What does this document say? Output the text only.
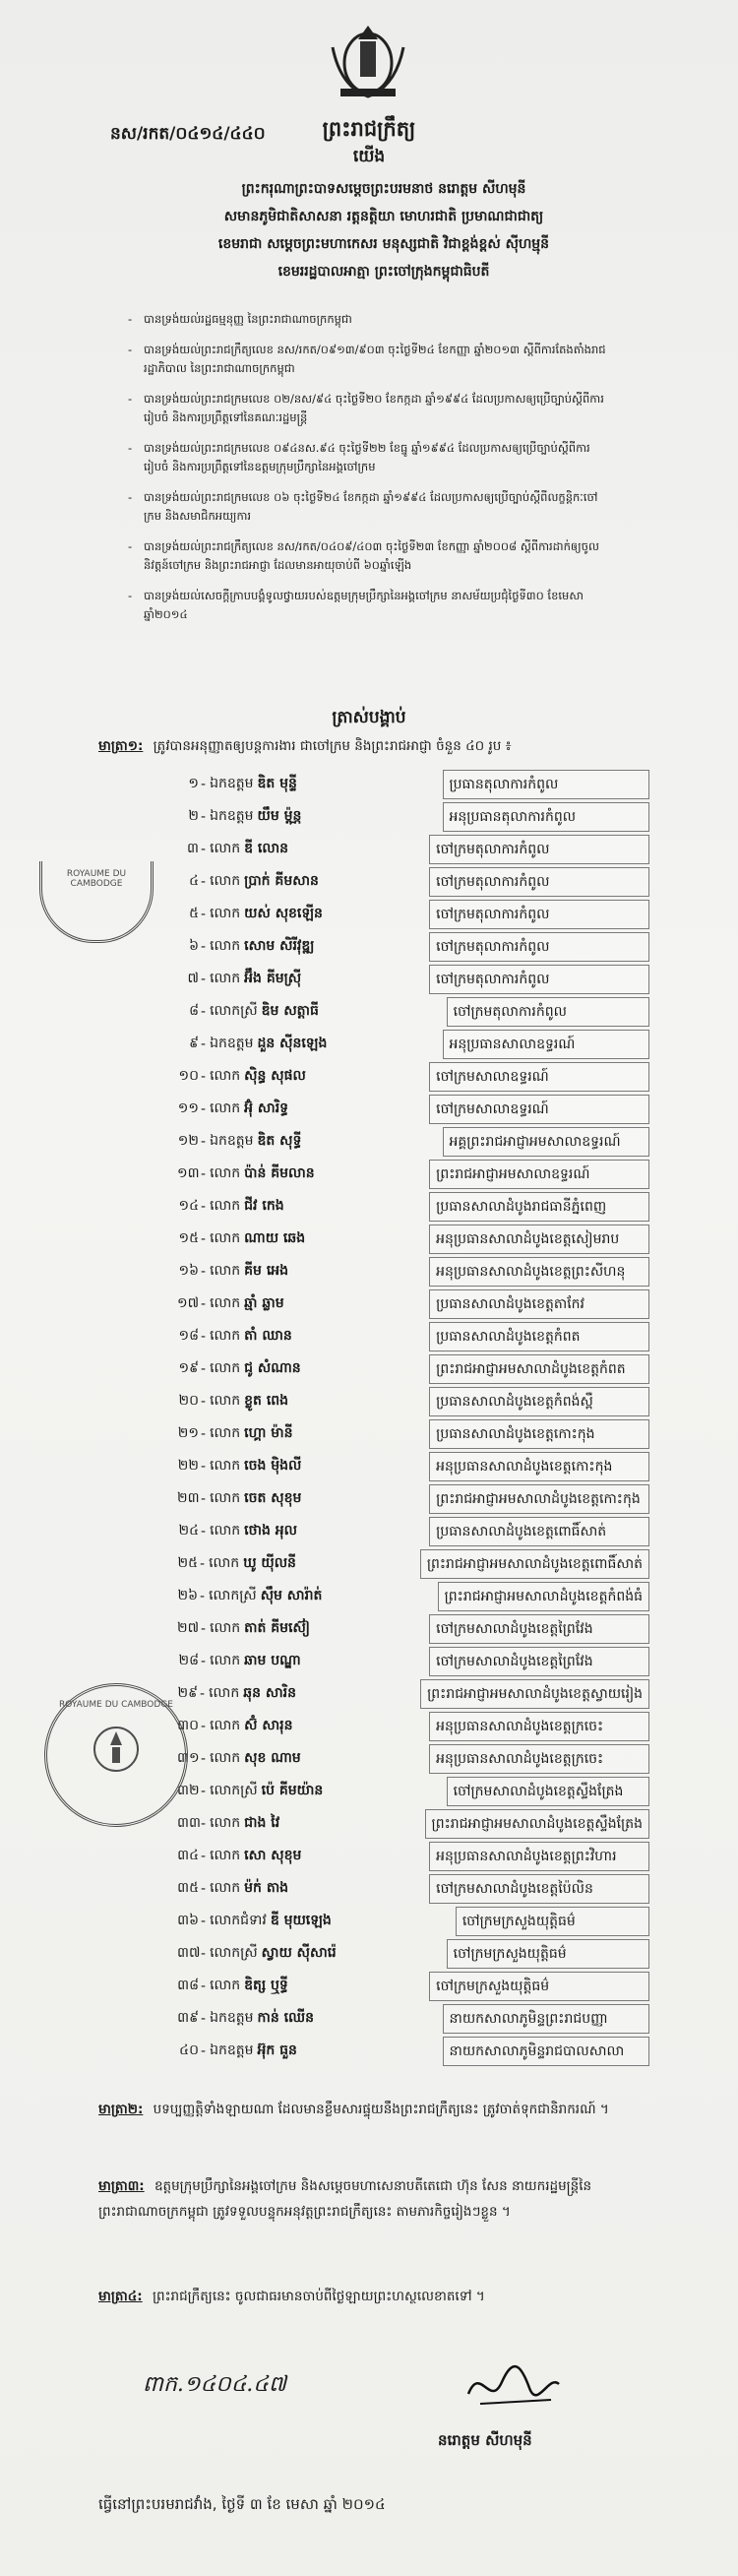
នស/រកត/០៤១៤/៤៤០	ព្រះរាជក្រឹត្យ
យើង
ព្រះករុណាព្រះបាទសម្តេចព្រះបរមនាថ នរោត្តម សីហមុនី
សមានភូមិជាតិសាសនា រត្តនត្តិយា មោហរជាតិ ប្រមាណជាជាត្យ
ខេមរាជា សម្តេចព្រះមហាកេសរ មនុស្សជាតិ វិជាខ្ពង់ខ្ពស់ ស៊ីហម្មុនី
ខេមររដ្ឋបាលអាត្មា ព្រះចៅក្រុងកម្ពុជាធិបតី
- បានទ្រង់យល់រដ្ឋធម្មនុញ្ញ នៃព្រះរាជាណាចក្រកម្ពុជា
- បានទ្រង់យល់ព្រះរាជក្រឹត្យលេខ នស/រកត/០៩១៣/៩០៣ ចុះថ្ងៃទី២៤ ខែកញ្ញា ឆ្នាំ២០១៣ ស្តីពីការតែងតាំងរាជរដ្ឋាភិបាល នៃព្រះរាជាណាចក្រកម្ពុជា
- បានទ្រង់យល់ព្រះរាជក្រមលេខ ០២/នស/៩៤ ចុះថ្ងៃទី២០ ខែកក្កដា ឆ្នាំ១៩៩៤ ដែលប្រកាសឲ្យប្រើច្បាប់ស្តីពីការរៀបចំ និងការប្រព្រឹត្តទៅនៃគណៈរដ្ឋមន្ត្រី
- បានទ្រង់យល់ព្រះរាជក្រមលេខ ០៩៤នស.៩៤ ចុះថ្ងៃទី២២ ខែធ្នូ ឆ្នាំ១៩៩៤ ដែលប្រកាសឲ្យប្រើច្បាប់ស្តីពីការរៀបចំ និងការប្រព្រឹត្តទៅនៃឧត្តមក្រុមប្រឹក្សានៃអង្គចៅក្រម
- បានទ្រង់យល់ព្រះរាជក្រមលេខ ០៦ ចុះថ្ងៃទី២៤ ខែកក្កដា ឆ្នាំ១៩៩៤ ដែលប្រកាសឲ្យប្រើច្បាប់ស្តីពីលក្ខន្តិកៈចៅក្រម និងសមាជិកអយ្យការ
- បានទ្រង់យល់ព្រះរាជក្រឹត្យលេខ នស/រកត/០៤០៩/៤០៣ ចុះថ្ងៃទី២៣ ខែកញ្ញា ឆ្នាំ២០០៨ ស្តីពីការដាក់ឲ្យចូលនិវត្តន៍ចៅក្រម និងព្រះរាជអាជ្ញា ដែលមានអាយុចាប់ពី ៦០ឆ្នាំឡើង
- បានទ្រង់យល់សេចក្តីក្រាបបង្គំទូលថ្វាយរបស់ឧត្តមក្រុមប្រឹក្សានៃអង្គចៅក្រម នាសម័យប្រជុំថ្ងៃទី៣០ ខែមេសា ឆ្នាំ២០១៤
ត្រាស់បង្គាប់
មាត្រា១: ត្រូវបានអនុញ្ញាតឲ្យបន្តការងារ ជាចៅក្រម និងព្រះរាជអាជ្ញា ចំនួន ៤០ រូប ៖
១ - ឯកឧត្តម ឌិត មុន្ទី	ប្រធានតុលាការកំពូល
២ - ឯកឧត្តម យឹម ម៉ុន្ណ	អនុប្រធានតុលាការកំពូល
៣ - លោក ឌី លោន	ចៅក្រមតុលាការកំពូល
៤ - លោក ប្រាក់ គីមសាន	ចៅក្រមតុលាការកំពូល
៥ - លោក យស់ សុខឡើន	ចៅក្រមតុលាការកំពូល
៦ - លោក សោម សិរីវុឌ្ឍ	ចៅក្រមតុលាការកំពូល
៧ - លោក អ៊ឹង គីមស្រ៊ី	ចៅក្រមតុលាការកំពូល
៨ - លោកស្រី ឌិម សត្តាធី	ចៅក្រមតុលាការកំពូល
៩ - ឯកឧត្តម ដួន ស៊ីនឡេង	អនុប្រធានសាលាឧទ្ធរណ៍
១០ - លោក ស៊ិន្ធ សុផល	ចៅក្រមសាលាឧទ្ធរណ៍
១១ - លោក អ៊ុំ សារិទ្ធ	ចៅក្រមសាលាឧទ្ធរណ៍
១២ - ឯកឧត្តម ឌិត សុទ្ធី	អគ្គព្រះរាជអាជ្ញាអមសាលាឧទ្ធរណ៍
១៣ - លោក ប៉ាន់ គីមលាន	ព្រះរាជអាជ្ញាអមសាលាឧទ្ធរណ៍
១៤ - លោក ជីវ កេង	ប្រធានសាលាដំបូងរាជធានីភ្នំពេញ
១៥ - លោក ណាយ ឆេង	អនុប្រធានសាលាដំបូងខេត្តសៀមរាប
១៦ - លោក គីម អេង	អនុប្រធានសាលាដំបូងខេត្តព្រះសីហនុ
១៧ - លោក ឆ្មាំ ឆ្លាម	ប្រធានសាលាដំបូងខេត្តតាកែវ
១៨ - លោក តាំ ឈាន	ប្រធានសាលាដំបូងខេត្តកំពត
១៩ - លោក ជូ សំណាន	ព្រះរាជអាជ្ញាអមសាលាដំបូងខេត្តកំពត
២០ - លោក ខ្លូត ពេង	ប្រធានសាលាដំបូងខេត្តកំពង់ស្ពឺ
២១ - លោក ហ្គោ ម៉ានី	ប្រធានសាលាដំបូងខេត្តកោះកុង
២២ - លោក ចេង ម៉ិងលី	អនុប្រធានសាលាដំបូងខេត្តកោះកុង
២៣ - លោក ចេត សុខុម	ព្រះរាជអាជ្ញាអមសាលាដំបូងខេត្តកោះកុង
២៤ - លោក ថោង អុល	ប្រធានសាលាដំបូងខេត្តពោធិ៍សាត់
២៥ - លោក ឃូ យ៉ីលនី	ព្រះរាជអាជ្ញាអមសាលាដំបូងខេត្តពោធិ៍សាត់
២៦ - លោកស្រី ស៊ឹម សារ៉ាត់	ព្រះរាជអាជ្ញាអមសាលាដំបូងខេត្តកំពង់ធំ
២៧ - លោក តាត់ គីមស៊ៀ	ចៅក្រមសាលាដំបូងខេត្តព្រៃវែង
២៨ - លោក ឆាម បណ្ឌា	ចៅក្រមសាលាដំបូងខេត្តព្រៃវែង
២៩ - លោក ឆុន សារិន	ព្រះរាជអាជ្ញាអមសាលាដំបូងខេត្តស្វាយរៀង
៣០ - លោក ស៊ំ សារុន	អនុប្រធានសាលាដំបូងខេត្តក្រចេះ
៣១ - លោក សុខ ណាម	អនុប្រធានសាលាដំបូងខេត្តក្រចេះ
៣២ - លោកស្រី ប៉េ គីមយ៉ាន	ចៅក្រមសាលាដំបូងខេត្តស្ទឹងត្រែង
៣៣ - លោក ជាង វៃ	ព្រះរាជអាជ្ញាអមសាលាដំបូងខេត្តស្ទឹងត្រែង
៣៤ - លោក សោ សុខុម	អនុប្រធានសាលាដំបូងខេត្តព្រះវិហារ
៣៥ - លោក ម៉ក់ តាង	ចៅក្រមសាលាដំបូងខេត្តប៉ៃលិន
៣៦ - លោកជំទាវ ឌី មុយឡេង	ចៅក្រមក្រសួងយុត្តិធម៌
៣៧ - លោកស្រី ស្វាយ ស៊ីសារ៉េ	ចៅក្រមក្រសួងយុត្តិធម៌
៣៨ - លោក ឌិត្ស ឬទ្ធី	ចៅក្រមក្រសួងយុត្តិធម៌
៣៩ - ឯកឧត្តម កាន់ ឈើន	នាយកសាលាភូមិន្ទព្រះរាជបញ្ញា
៤០ - ឯកឧត្តម អ៊ុក ធួន	នាយកសាលាភូមិន្ទរាជបាលសាលា
ROYAUME DU CAMBODGE
ROYAUME DU CAMBODGE
មាត្រា២: បទប្បញ្ញត្តិទាំងឡាយណា ដែលមានខ្លឹមសារផ្ទុយនឹងព្រះរាជក្រឹត្យនេះ ត្រូវចាត់ទុកជានិរាករណ៍ ។
មាត្រា៣: ឧត្តមក្រុមប្រឹក្សានៃអង្គចៅក្រម និងសម្តេចមហាសេនាបតីតេជោ ហ៊ុន សែន នាយករដ្ឋមន្ត្រីនៃព្រះរាជាណាចក្រកម្ពុជា ត្រូវទទួលបន្ទុកអនុវត្តព្រះរាជក្រឹត្យនេះ តាមភារកិច្ចរៀងៗខ្លួន ។
មាត្រា៤: ព្រះរាជក្រឹត្យនេះ ចូលជាធរមានចាប់ពីថ្ងៃឡាយព្រះហស្ថលេខាតទៅ ។
ពាក.១៤០៤.៤៧
នរោត្តម សីហមុនី
ធ្វើនៅព្រះបរមរាជវាំង, ថ្ងៃទី ៣ ខែ មេសា ឆ្នាំ ២០១៤
